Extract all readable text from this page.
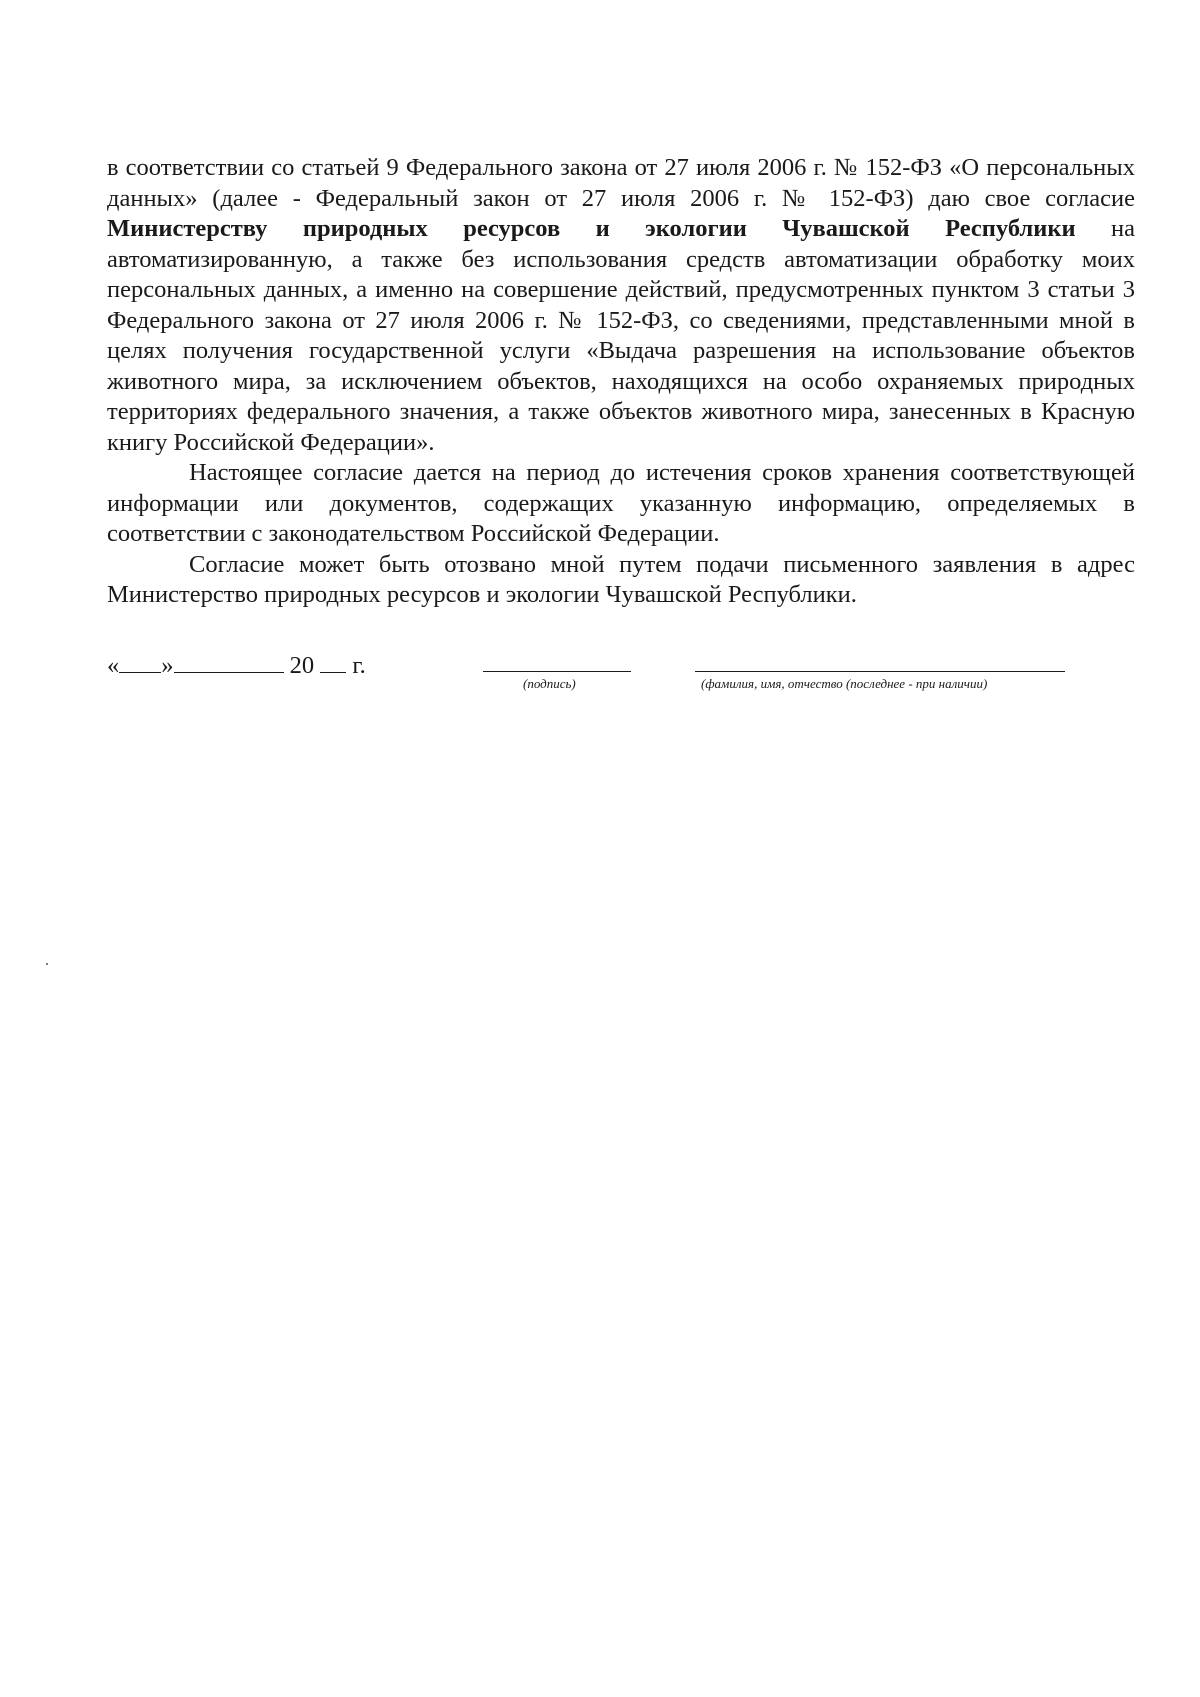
в соответствии со статьей 9 Федерального закона от 27 июля 2006 г. № 152-ФЗ «О персональных данных» (далее - Федеральный закон от 27 июля 2006 г. № 152-ФЗ) даю свое согласие Министерству природных ресурсов и экологии Чувашской Республики на автоматизированную, а также без использования средств автоматизации обработку моих персональных данных, а именно на совершение действий, предусмотренных пунктом 3 статьи 3 Федерального закона от 27 июля 2006 г. № 152-ФЗ, со сведениями, представленными мной в целях получения государственной услуги «Выдача разрешения на использование объектов животного мира, за исключением объектов, находящихся на особо охраняемых природных территориях федерального значения, а также объектов животного мира, занесенных в Красную книгу Российской Федерации».

Настоящее согласие дается на период до истечения сроков хранения соответствующей информации или документов, содержащих указанную информацию, определяемых в соответствии с законодательством Российской Федерации.

Согласие может быть отозвано мной путем подачи письменного заявления в адрес Министерство природных ресурсов и экологии Чувашской Республики.

« »	20 г.
(подпись)	(фамилия, имя, отчество (последнее - при наличии)
